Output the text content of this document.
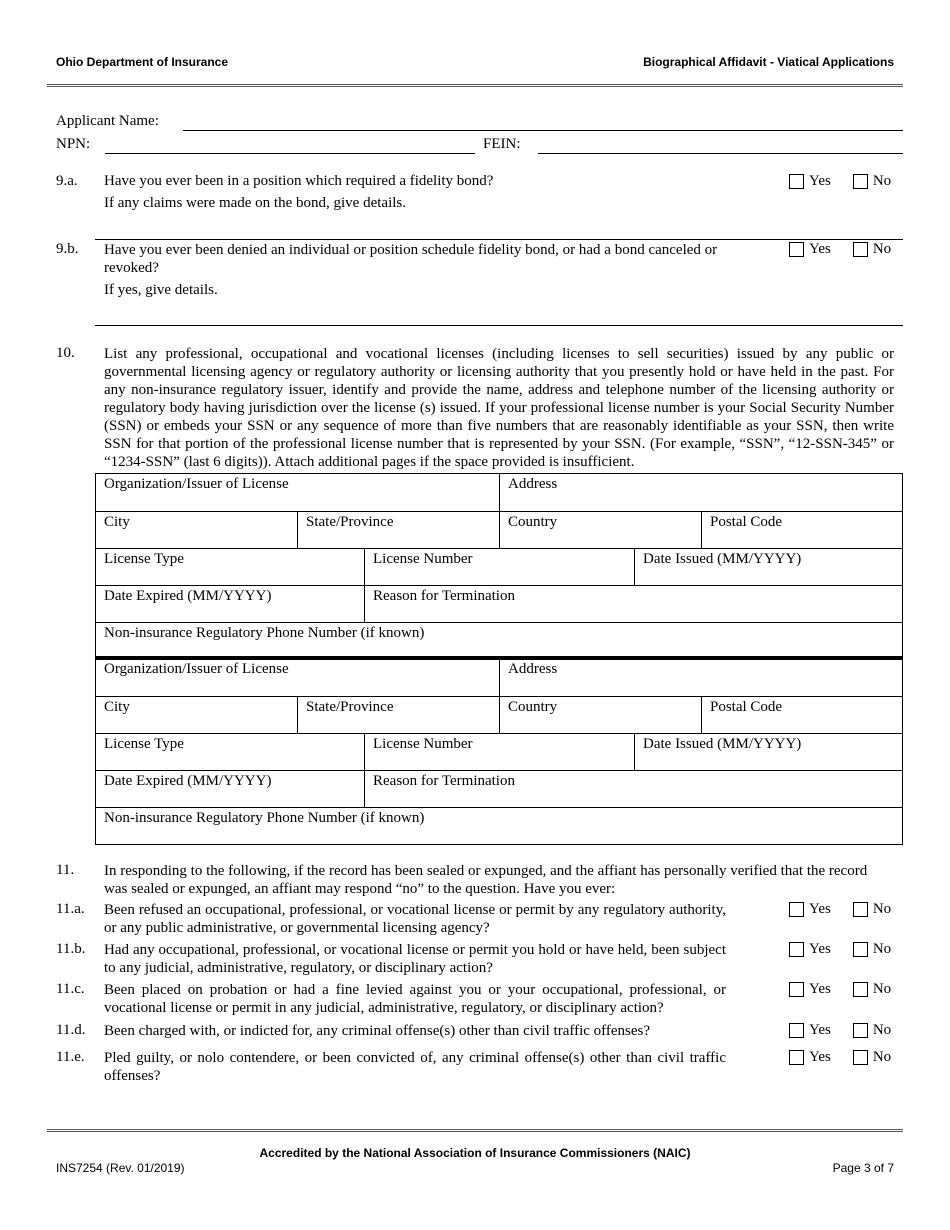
Ohio Department of Insurance	Biographical Affidavit - Viatical Applications
Applicant Name:
NPN:	FEIN:
9.a. Have you ever been in a position which required a fidelity bond?
If any claims were made on the bond, give details.
Yes	No
9.b. Have you ever been denied an individual or position schedule fidelity bond, or had a bond canceled or revoked?
If yes, give details.
Yes	No
10. List any professional, occupational and vocational licenses (including licenses to sell securities) issued by any public or governmental licensing agency or regulatory authority or licensing authority that you presently hold or have held in the past. For any non-insurance regulatory issuer, identify and provide the name, address and telephone number of the licensing authority or regulatory body having jurisdiction over the license (s) issued. If your professional license number is your Social Security Number (SSN) or embeds your SSN or any sequence of more than five numbers that are reasonably identifiable as your SSN, then write SSN for that portion of the professional license number that is represented by your SSN. (For example, “SSN”, “12-SSN-345” or “1234-SSN” (last 6 digits)). Attach additional pages if the space provided is insufficient.
Organization/Issuer of License	Address
City	State/Province	Country	Postal Code
License Type	License Number	Date Issued (MM/YYYY)
Date Expired (MM/YYYY)	Reason for Termination
Non-insurance Regulatory Phone Number (if known)
Organization/Issuer of License	Address
City	State/Province	Country	Postal Code
License Type	License Number	Date Issued (MM/YYYY)
Date Expired (MM/YYYY)	Reason for Termination
Non-insurance Regulatory Phone Number (if known)
11. In responding to the following, if the record has been sealed or expunged, and the affiant has personally verified that the record was sealed or expunged, an affiant may respond “no” to the question. Have you ever:
11.a. Been refused an occupational, professional, or vocational license or permit by any regulatory authority, or any public administrative, or governmental licensing agency?
Yes	No
11.b. Had any occupational, professional, or vocational license or permit you hold or have held, been subject to any judicial, administrative, regulatory, or disciplinary action?
Yes	No
11.c. Been placed on probation or had a fine levied against you or your occupational, professional, or vocational license or permit in any judicial, administrative, regulatory, or disciplinary action?
Yes	No
11.d. Been charged with, or indicted for, any criminal offense(s) other than civil traffic offenses?	Yes	No
11.e. Pled guilty, or nolo contendere, or been convicted of, any criminal offense(s) other than civil traffic offenses?
Yes	No
Accredited by the National Association of Insurance Commissioners (NAIC)
INS7254 (Rev. 01/2019)	Page 3 of 7
